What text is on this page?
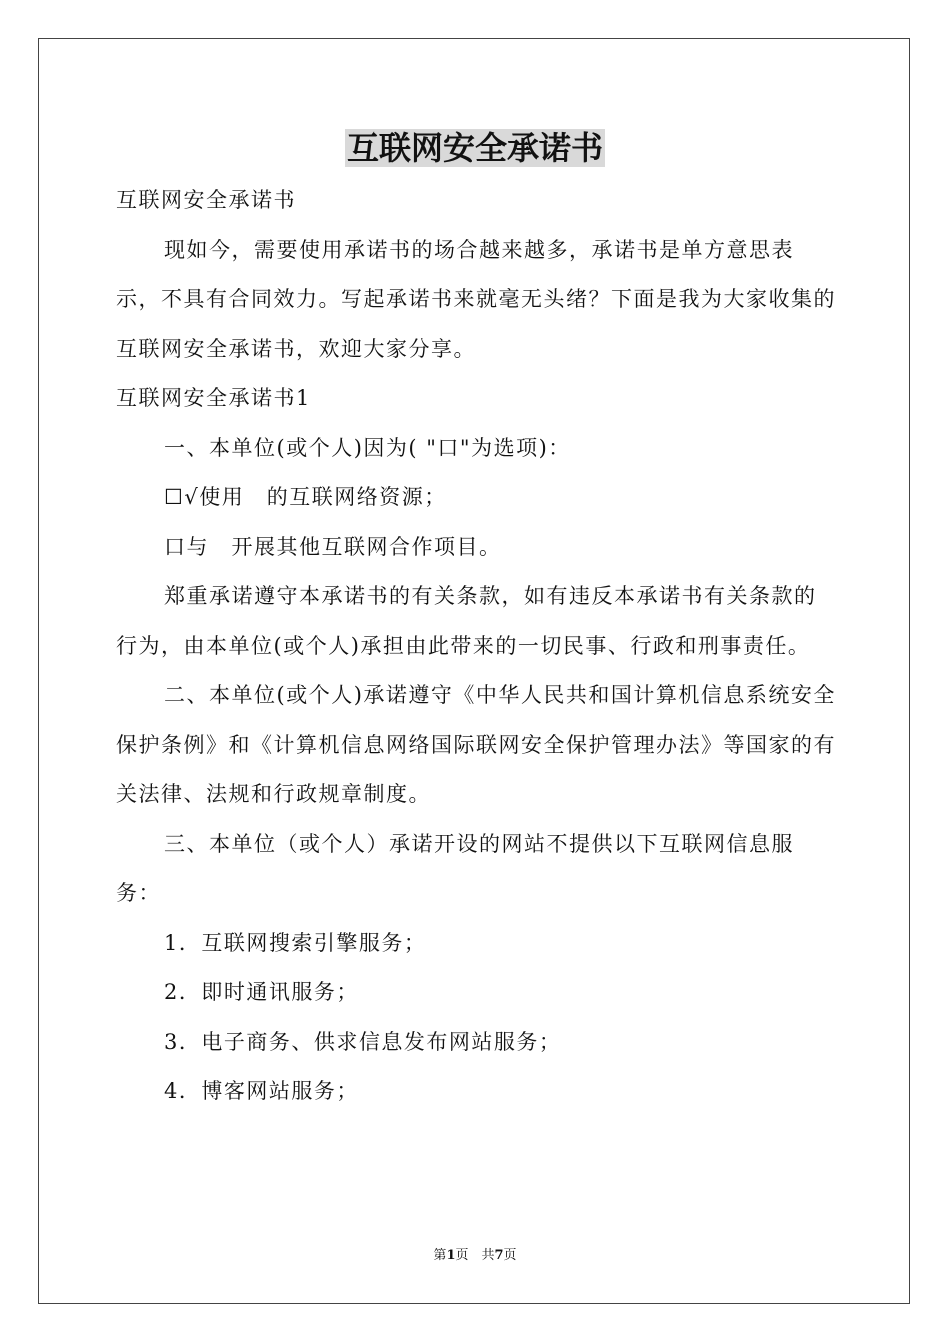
互联网安全承诺书

互联网安全承诺书

现如今，需要使用承诺书的场合越来越多，承诺书是单方意思表示，不具有合同效力。写起承诺书来就毫无头绪？下面是我为大家收集的互联网安全承诺书，欢迎大家分享。

互联网安全承诺书1

一、本单位(或个人)因为( "口"为选项)：

☐√使用　的互联网络资源；

口与　开展其他互联网合作项目。

郑重承诺遵守本承诺书的有关条款，如有违反本承诺书有关条款的行为，由本单位(或个人)承担由此带来的一切民事、行政和刑事责任。

二、本单位(或个人)承诺遵守《中华人民共和国计算机信息系统安全保护条例》和《计算机信息网络国际联网安全保护管理办法》等国家的有关法律、法规和行政规章制度。

三、本单位（或个人）承诺开设的网站不提供以下互联网信息服务：

1．互联网搜索引擎服务；

2．即时通讯服务；

3．电子商务、供求信息发布网站服务；

4．博客网站服务；

第1页　共7页
